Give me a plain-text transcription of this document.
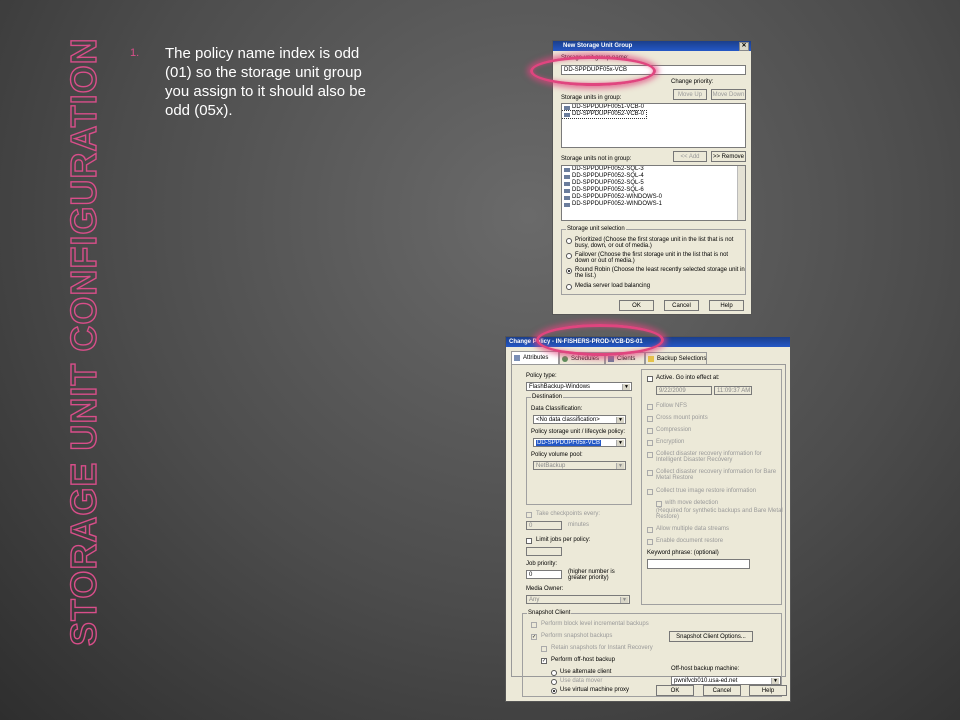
STORAGE UNIT CONFIGURATION 1. The policy name index is odd (01) so the storage unit group you assign to it should also be odd (05x).
New Storage Unit Group	✕
Storage unit group name:
DD-SPPDUPF05x-VCB
Change priority:
Move Up	Move Down
Storage units in group:
DD-SPPDUPF0051-VCB-0
DD-SPPDUPF0052-VCB-0
Storage units not in group:	<< Add	>> Remove
DD-SPPDUPF0052-SQL-3
DD-SPPDUPF0052-SQL-4
DD-SPPDUPF0052-SQL-5
DD-SPPDUPF0052-SQL-6
DD-SPPDUPF0052-WINDOWS-0
DD-SPPDUPF0052-WINDOWS-1
Storage unit selection
Prioritized (Choose the first storage unit in the list that is not
busy, down, or out of media.)
Failover (Choose the first storage unit in the list that is not
down or out of media.)
Round Robin (Choose the least recently selected storage unit in
the list.)
Media server load balancing
OK	Cancel	Help
Change Policy - IN-FISHERS-PROD-VCB-DS-01
Attributes	Schedules	Clients	Backup Selections
Policy type:
FlashBackup-Windows	▼
Destination
Data Classification:
<No data classification>	▼
Policy storage unit / lifecycle policy:
DD-SPPDUPF05x-VCB	▼
Policy volume pool:
NetBackup	▼
Take checkpoints every:
0	minutes
Limit jobs per policy:
Job priority:
0	(higher number is
greater priority)
Media Owner:
Any	▼
Active. Go into effect at:
9/22/2009	11:09:37 AM
Follow NFS
Cross mount points
Compression
Encryption
Collect disaster recovery information for
Intelligent Disaster Recovery
Collect disaster recovery information for Bare
Metal Restore
Collect true image restore information
with move detection
(Required for synthetic backups and Bare Metal
Restore)
Allow multiple data streams
Enable document restore
Keyword phrase: (optional)
Snapshot Client
Perform block level incremental backups
✓ Perform snapshot backups
Retain snapshots for Instant Recovery
✓ Perform off-host backup
Use alternate client
Use data mover
Use virtual machine proxy
Snapshot Client Options...
Off-host backup machine:
pwnifvcb010.usa-ed.net	▼
OK	Cancel	Help
